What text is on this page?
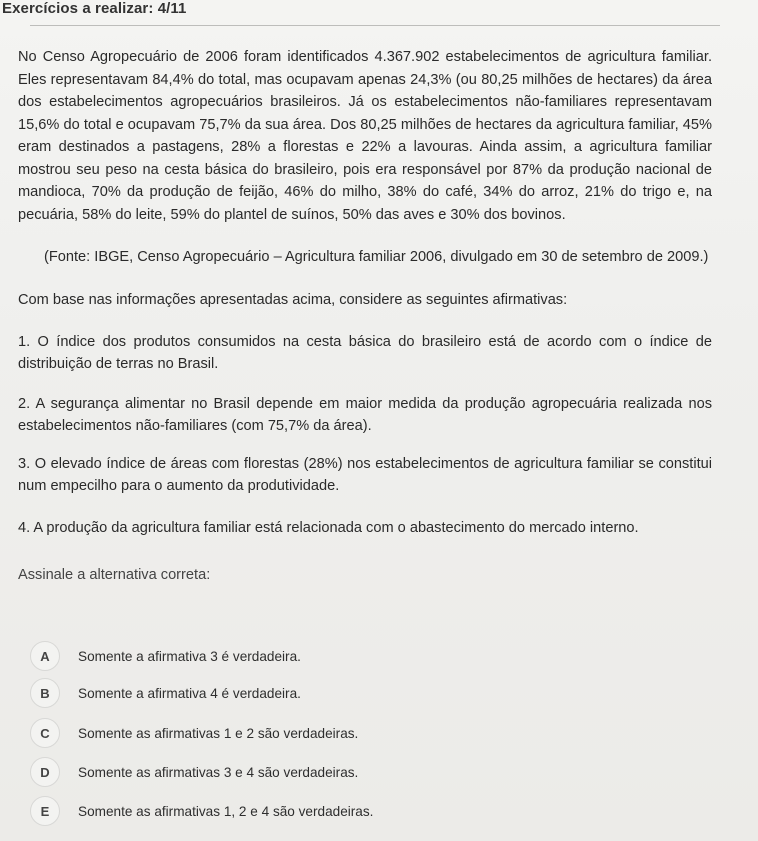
Exercícios a realizar: 4/11

No Censo Agropecuário de 2006 foram identificados 4.367.902 estabelecimentos de agricultura familiar. Eles representavam 84,4% do total, mas ocupavam apenas 24,3% (ou 80,25 milhões de hectares) da área dos estabelecimentos agropecuários brasileiros. Já os estabelecimentos não-familiares representavam 15,6% do total e ocupavam 75,7% da sua área. Dos 80,25 milhões de hectares da agricultura familiar, 45% eram destinados a pastagens, 28% a florestas e 22% a lavouras. Ainda assim, a agricultura familiar mostrou seu peso na cesta básica do brasileiro, pois era responsável por 87% da produção nacional de mandioca, 70% da produção de feijão, 46% do milho, 38% do café, 34% do arroz, 21% do trigo e, na pecuária, 58% do leite, 59% do plantel de suínos, 50% das aves e 30% dos bovinos.

(Fonte: IBGE, Censo Agropecuário – Agricultura familiar 2006, divulgado em 30 de setembro de 2009.)
Com base nas informações apresentadas acima, considere as seguintes afirmativas:

1. O índice dos produtos consumidos na cesta básica do brasileiro está de acordo com o índice de distribuição de terras no Brasil.

2. A segurança alimentar no Brasil depende em maior medida da produção agropecuária realizada nos estabelecimentos não-familiares (com 75,7% da área).

3. O elevado índice de áreas com florestas (28%) nos estabelecimentos de agricultura familiar se constitui num empecilho para o aumento da produtividade.

4. A produção da agricultura familiar está relacionada com o abastecimento do mercado interno.

Assinale a alternativa correta:
A	Somente a afirmativa 3 é verdadeira.
B	Somente a afirmativa 4 é verdadeira.
C	Somente as afirmativas 1 e 2 são verdadeiras.
D	Somente as afirmativas 3 e 4 são verdadeiras.
E	Somente as afirmativas 1, 2 e 4 são verdadeiras.
